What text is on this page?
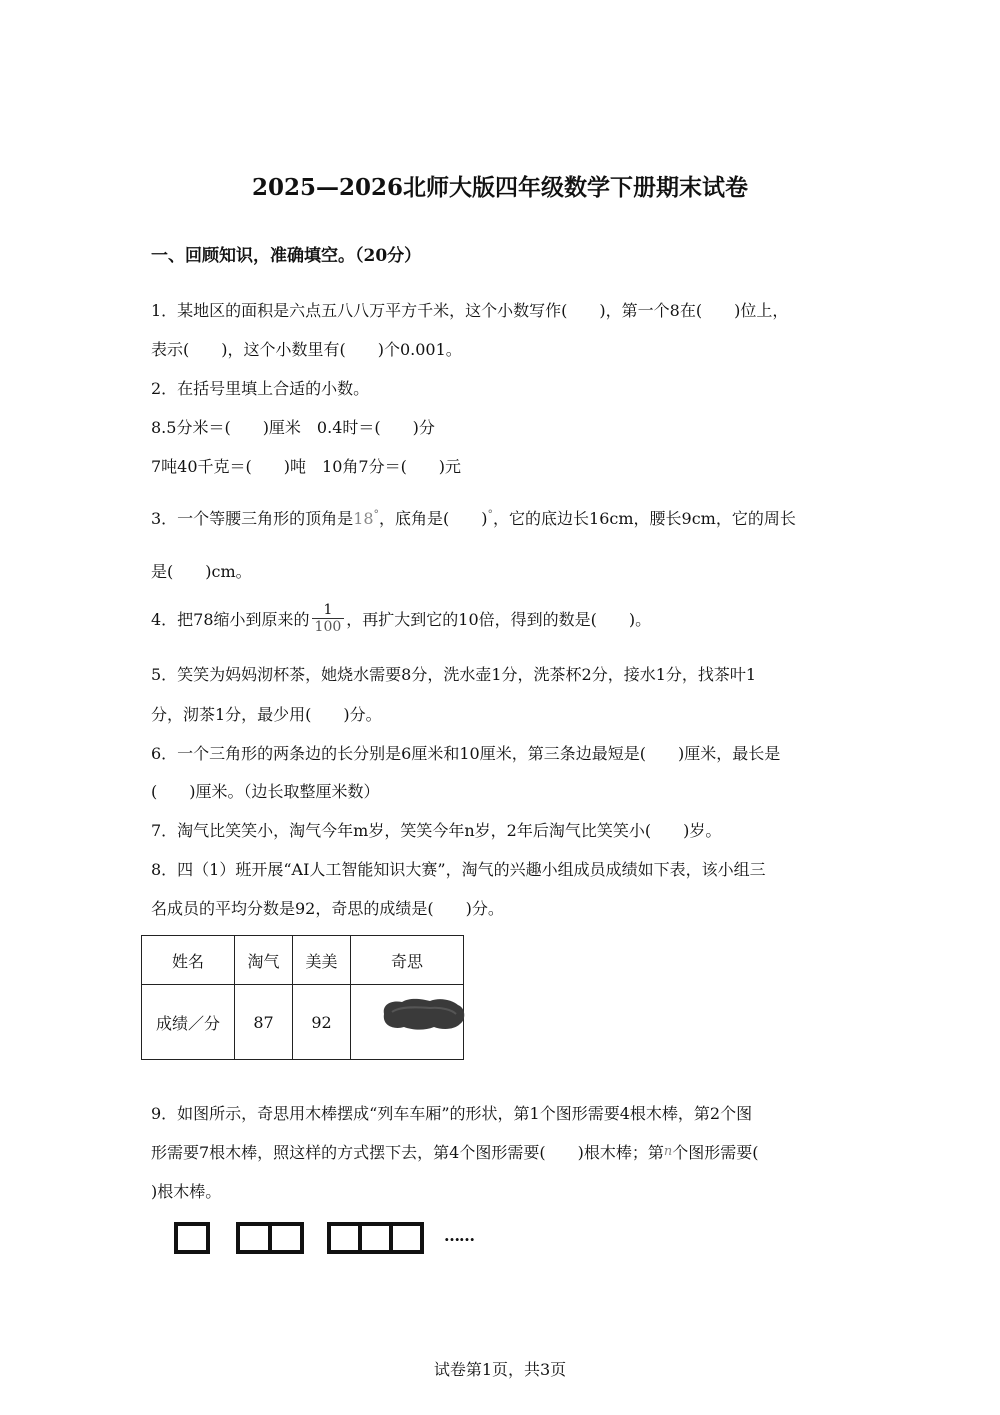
2025—2026北师大版四年级数学下册期末试卷
一、回顾知识，准确填空。（20分）
1．某地区的面积是六点五八八万平方千米，这个小数写作(　　)，第一个8在(　　)位上，
表示(　　)，这个小数里有(　　)个0.001。
2．在括号里填上合适的小数。
8.5分米＝(　　)厘米　0.4时＝(　　)分
7吨40千克＝(　　)吨　10角7分＝(　　)元
3．一个等腰三角形的顶角是18°，底角是(　　)°，它的底边长16cm，腰长9cm，它的周长
是(　　)cm。
4．把78缩小到原来的 $\frac{1}{100}$ ，再扩大到它的10倍，得到的数是(　　)。
5．笑笑为妈妈沏杯茶，她烧水需要8分，洗水壶1分，洗茶杯2分，接水1分，找茶叶1
分，沏茶1分，最少用(　　)分。
6．一个三角形的两条边的长分别是6厘米和10厘米，第三条边最短是(　　)厘米，最长是
(　　)厘米。（边长取整厘米数）
7．淘气比笑笑小，淘气今年m岁，笑笑今年n岁，2年后淘气比笑笑小(　　)岁。
8．四（1）班开展“AI人工智能知识大赛”，淘气的兴趣小组成员成绩如下表，该小组三
名成员的平均分数是92，奇思的成绩是(　　)分。
姓名	淘气	美美	奇思
成绩／分	87	92	
9．如图所示，奇思用木棒摆成“列车车厢”的形状，第1个图形需要4根木棒，第2个图
形需要7根木棒，照这样的方式摆下去，第4个图形需要(　　)根木棒；第n个图形需要(
)根木棒。
……
试卷第1页，共3页
